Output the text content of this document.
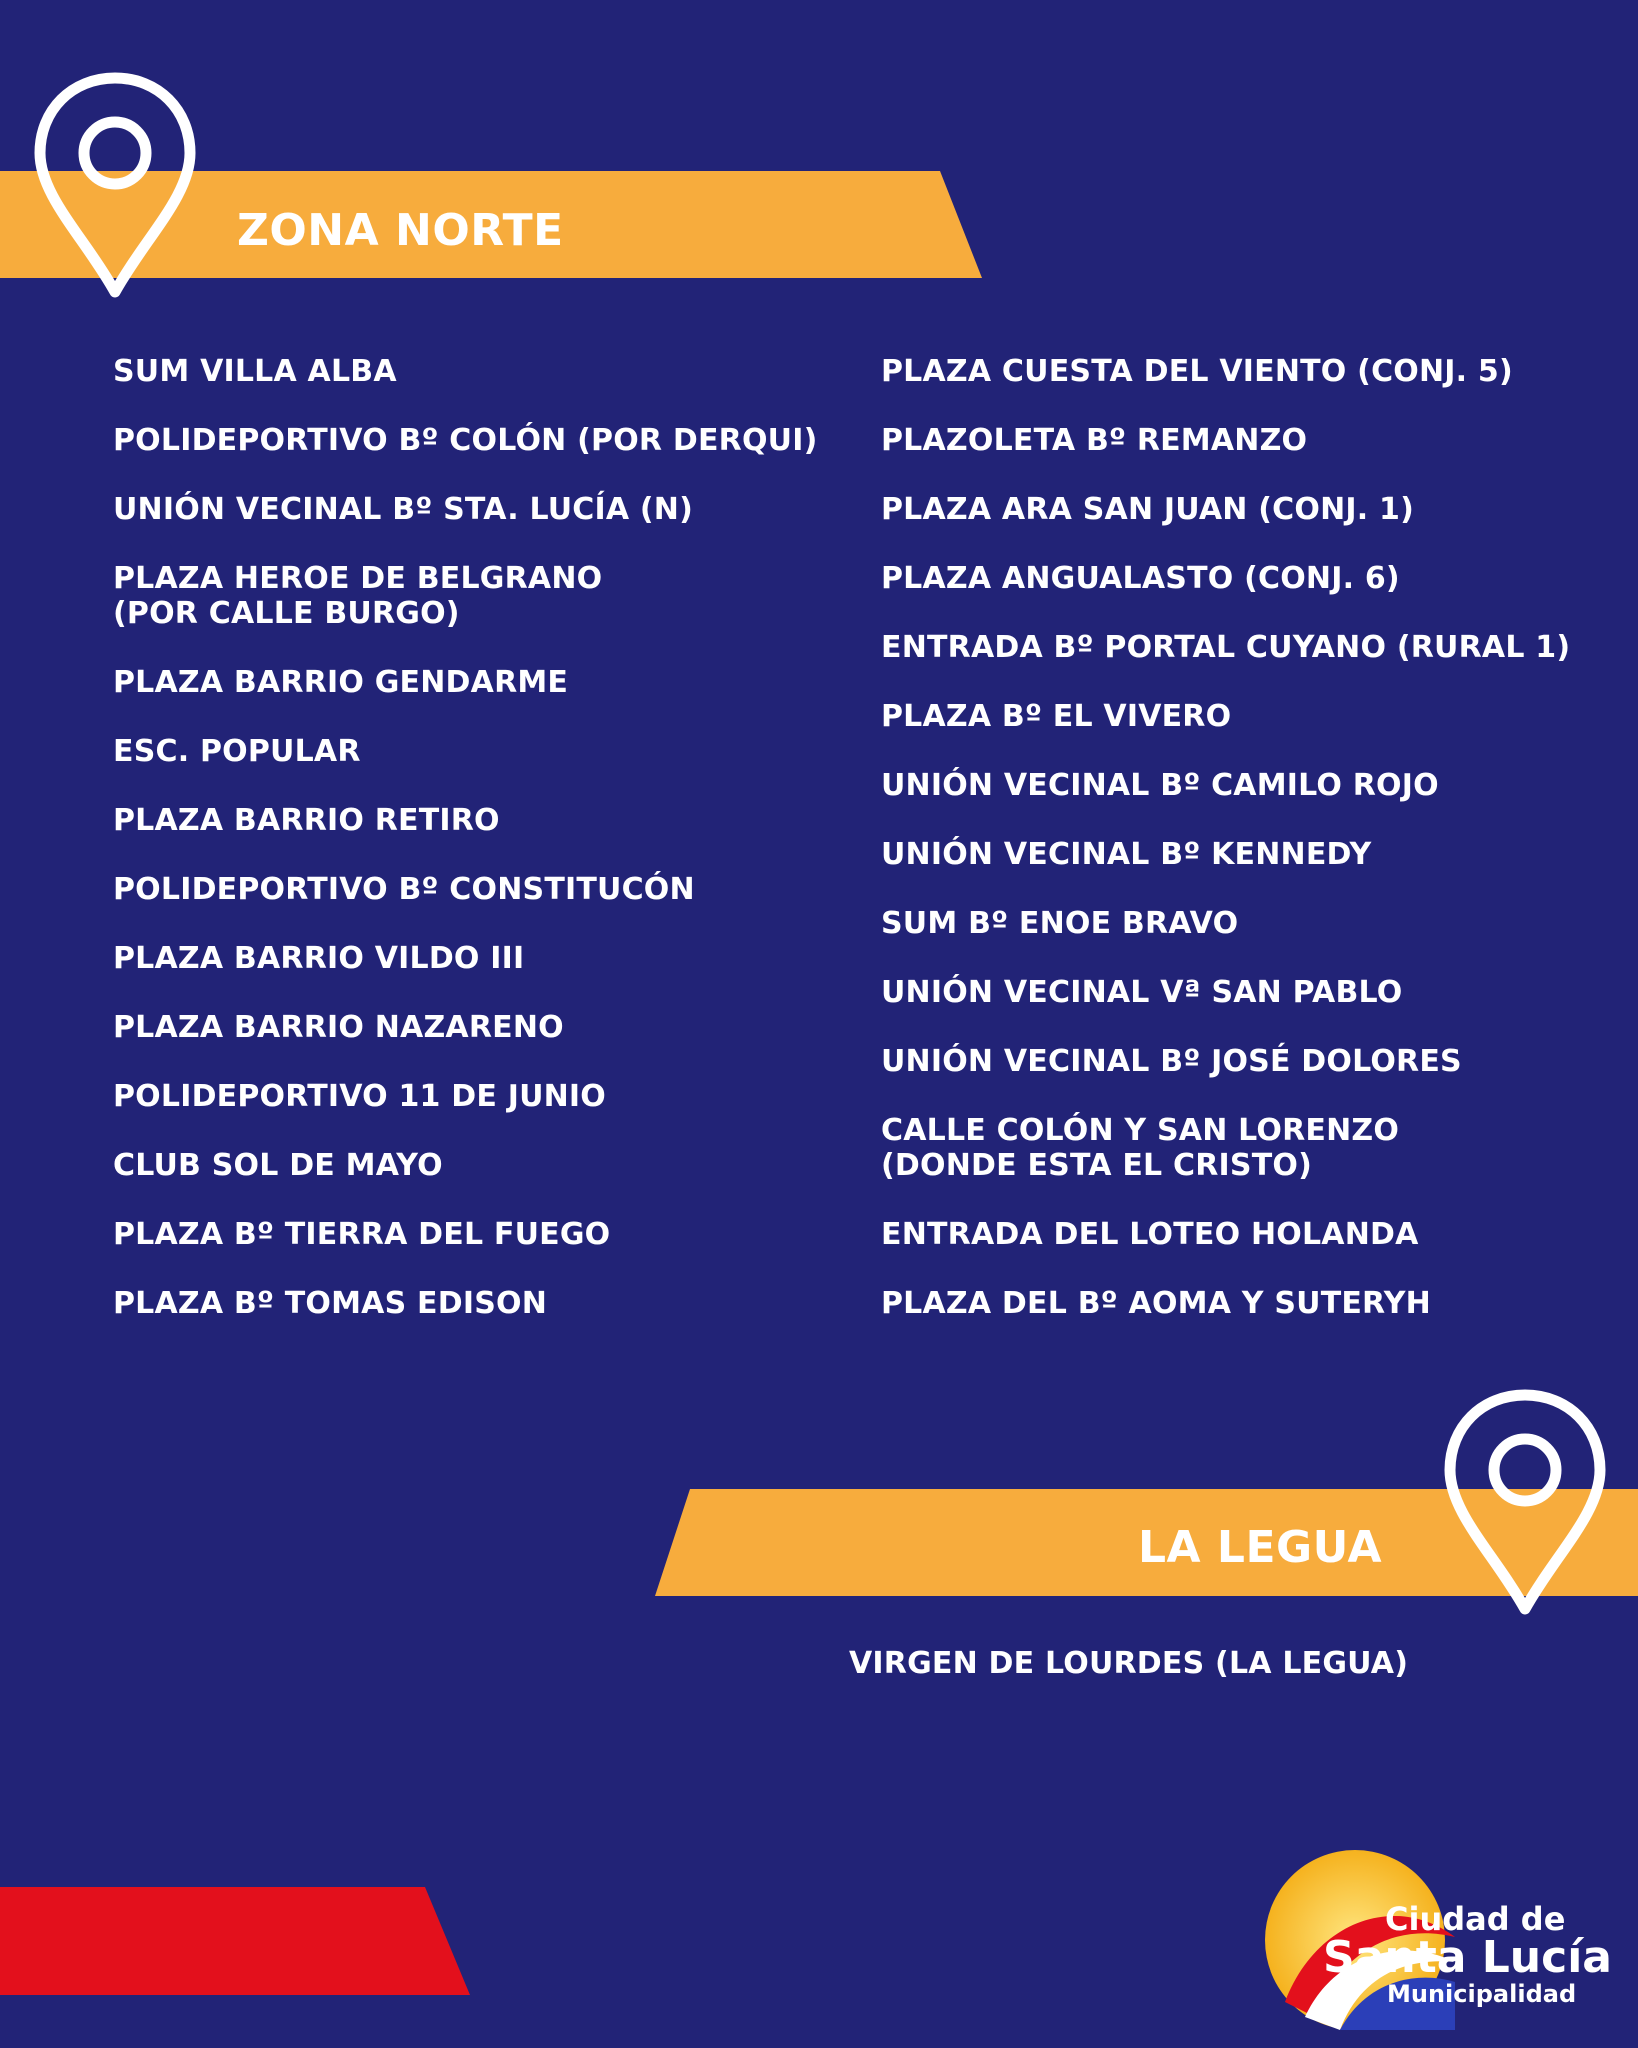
ZONA NORTE
SUM VILLA ALBA
POLIDEPORTIVO Bº COLÓN (POR DERQUI)
UNIÓN VECINAL Bº STA. LUCÍA (N)
PLAZA HEROE DE BELGRANO
(POR CALLE BURGO)
PLAZA BARRIO GENDARME
ESC. POPULAR
PLAZA BARRIO RETIRO
POLIDEPORTIVO Bº CONSTITUCÓN
PLAZA BARRIO VILDO III
PLAZA BARRIO NAZARENO
POLIDEPORTIVO 11 DE JUNIO
CLUB SOL DE MAYO
PLAZA Bº TIERRA DEL FUEGO
PLAZA Bº TOMAS EDISON
PLAZA CUESTA DEL VIENTO (CONJ. 5)
PLAZOLETA Bº REMANZO
PLAZA ARA SAN JUAN (CONJ. 1)
PLAZA ANGUALASTO (CONJ. 6)
ENTRADA Bº PORTAL CUYANO (RURAL 1)
PLAZA Bº EL VIVERO
UNIÓN VECINAL Bº CAMILO ROJO
UNIÓN VECINAL Bº KENNEDY
SUM Bº ENOE BRAVO
UNIÓN VECINAL Vª SAN PABLO
UNIÓN VECINAL Bº JOSÉ DOLORES
CALLE COLÓN Y SAN LORENZO
(DONDE ESTA EL CRISTO)
ENTRADA DEL LOTEO HOLANDA
PLAZA DEL Bº AOMA Y SUTERYH
LA LEGUA
VIRGEN DE LOURDES (LA LEGUA)
Ciudad de
Santa Lucía
Municipalidad
